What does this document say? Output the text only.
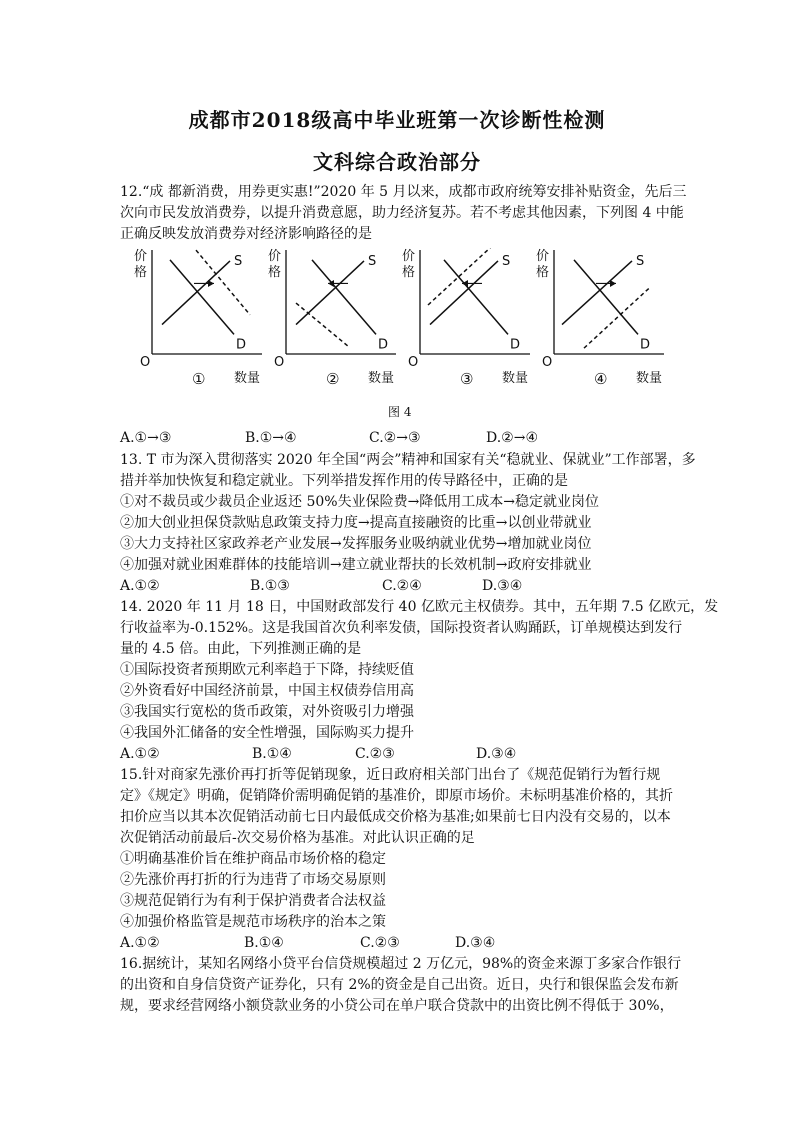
成都市2018级高中毕业班第一次诊断性检测
文科综合政治部分
12.“成 都新消费，用券更实惠!”2020 年 5 月以来，成都市政府统筹安排补贴资金，先后三
次向市民发放消费券，以提升消费意愿，助力经济复苏。若不考虑其他因素，下列图 4 中能
正确反映发放消费券对经济影响路径的是
价
格
数量
O
①
S
D
价
格
数量
O
②
S
D
价
格
数量
O
③
S
D
价
格
数量
O
④
S
D
图 4
A.①→③	B.①→④	C.②→③	D.②→④
13. T 市为深入贯彻落实 2020 年全国“两会”精神和国家有关“稳就业、保就业”工作部署，多
措并举加快恢复和稳定就业。下列举措发挥作用的传导路径中，正确的是
①对不裁员或少裁员企业返还 50%失业保险费→降低用工成本→稳定就业岗位
②加大创业担保贷款贴息政策支持力度→提高直接融资的比重→以创业带就业
③大力支持社区家政养老产业发展→发挥服务业吸纳就业优势→增加就业岗位
④加强对就业困难群体的技能培训→建立就业帮扶的长效机制→政府安排就业
A.①②	B.①③	C.②④	D.③④
14. 2020 年 11 月 18 日，中国财政部发行 40 亿欧元主权债券。其中，五年期 7.5 亿欧元，发
行收益率为-0.152%。这是我国首次负利率发债，国际投资者认购踊跃，订单规模达到发行
量的 4.5 倍。由此，下列推测正确的是
①国际投资者预期欧元利率趋于下降，持续贬值
②外资看好中国经济前景，中国主权债券信用高
③我国实行宽松的货币政策，对外资吸引力增强
④我国外汇储备的安全性增强，国际购买力提升
A.①②	B.①④	C.②③	D.③④
15.针对商家先涨价再打折等促销现象，近日政府相关部门出台了《规范促销行为暂行规
定》《规定》明确，促销降价需明确促销的基准价，即原市场价。未标明基准价格的，其折
扣价应当以其本次促销活动前七日内最低成交价格为基准;如果前七日内没有交易的，以本
次促销活动前最后-次交易价格为基准。对此认识正确的足
①明确基准价旨在维护商品市场价格的稳定
②先涨价再打折的行为违背了市场交易原则
③规范促销行为有利于保护消费者合法权益
④加强价格监管是规范市场秩序的治本之策
A.①②	B.①④	C.②③	D.③④
16.据统计，某知名网络小贷平台信贷规模超过 2 万亿元，98%的资金来源丁多家合作银行
的出资和自身信贷资产证券化，只有 2%的资金是自己出资。近日，央行和银保监会发布新
规，要求经营网络小额贷款业务的小贷公司在单户联合贷款中的出资比例不得低于 30%，
